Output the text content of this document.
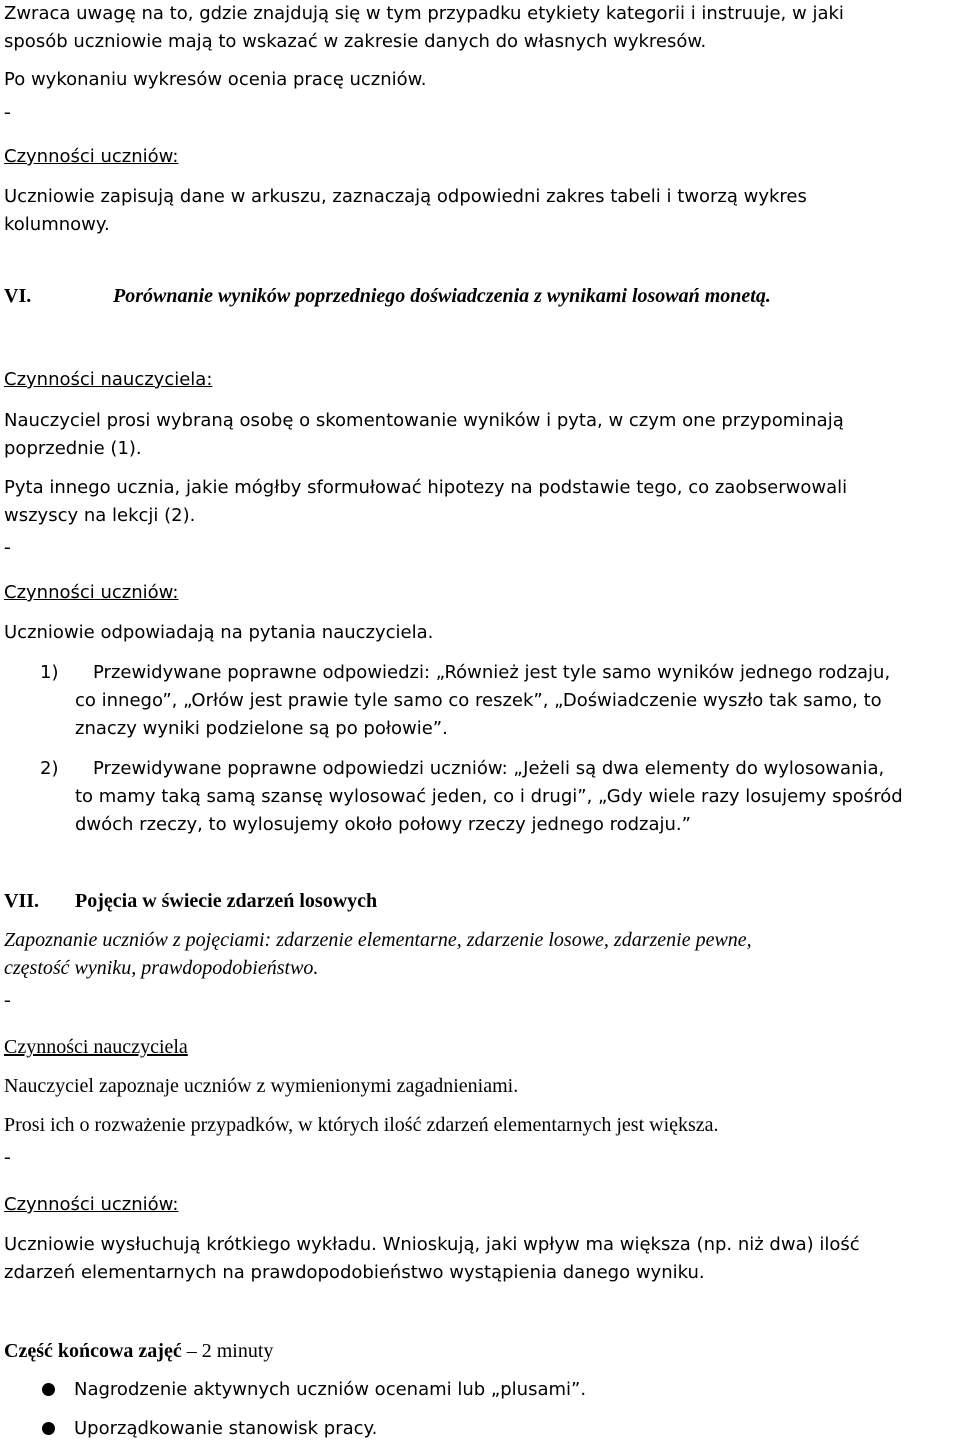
Zwraca uwagę na to, gdzie znajdują się w tym przypadku etykiety kategorii i instruuje, w jaki
sposób uczniowie mają to wskazać w zakresie danych do własnych wykresów.
Po wykonaniu wykresów ocenia pracę uczniów.
-
Czynności uczniów:
Uczniowie zapisują dane w arkuszu, zaznaczają odpowiedni zakres tabeli i tworzą wykres
kolumnowy.
VI.	Porównanie wyników poprzedniego doświadczenia z wynikami losowań monetą.
Czynności nauczyciela:
Nauczyciel prosi wybraną osobę o skomentowanie wyników i pyta, w czym one przypominają
poprzednie (1).
Pyta innego ucznia, jakie mógłby sformułować hipotezy na podstawie tego, co zaobserwowali
wszyscy na lekcji (2).
-
Czynności uczniów:
Uczniowie odpowiadają na pytania nauczyciela.
1) Przewidywane poprawne odpowiedzi: „Również jest tyle samo wyników jednego rodzaju,
co innego”, „Orłów jest prawie tyle samo co reszek”, „Doświadczenie wyszło tak samo, to
znaczy wyniki podzielone są po połowie”.
2) Przewidywane poprawne odpowiedzi uczniów: „Jeżeli są dwa elementy do wylosowania,
to mamy taką samą szansę wylosować jeden, co i drugi”, „Gdy wiele razy losujemy spośród
dwóch rzeczy, to wylosujemy około połowy rzeczy jednego rodzaju.”
VII. Pojęcia w świecie zdarzeń losowych
Zapoznanie uczniów z pojęciami: zdarzenie elementarne, zdarzenie losowe, zdarzenie pewne,
częstość wyniku, prawdopodobieństwo.
-
Czynności nauczyciela
Nauczyciel zapoznaje uczniów z wymienionymi zagadnieniami.
Prosi ich o rozważenie przypadków, w których ilość zdarzeń elementarnych jest większa.
-
Czynności uczniów:
Uczniowie wysłuchują krótkiego wykładu. Wnioskują, jaki wpływ ma większa (np. niż dwa) ilość
zdarzeń elementarnych na prawdopodobieństwo wystąpienia danego wyniku.
Część końcowa zajęć – 2 minuty
Nagrodzenie aktywnych uczniów ocenami lub „plusami”.
Uporządkowanie stanowisk pracy.
